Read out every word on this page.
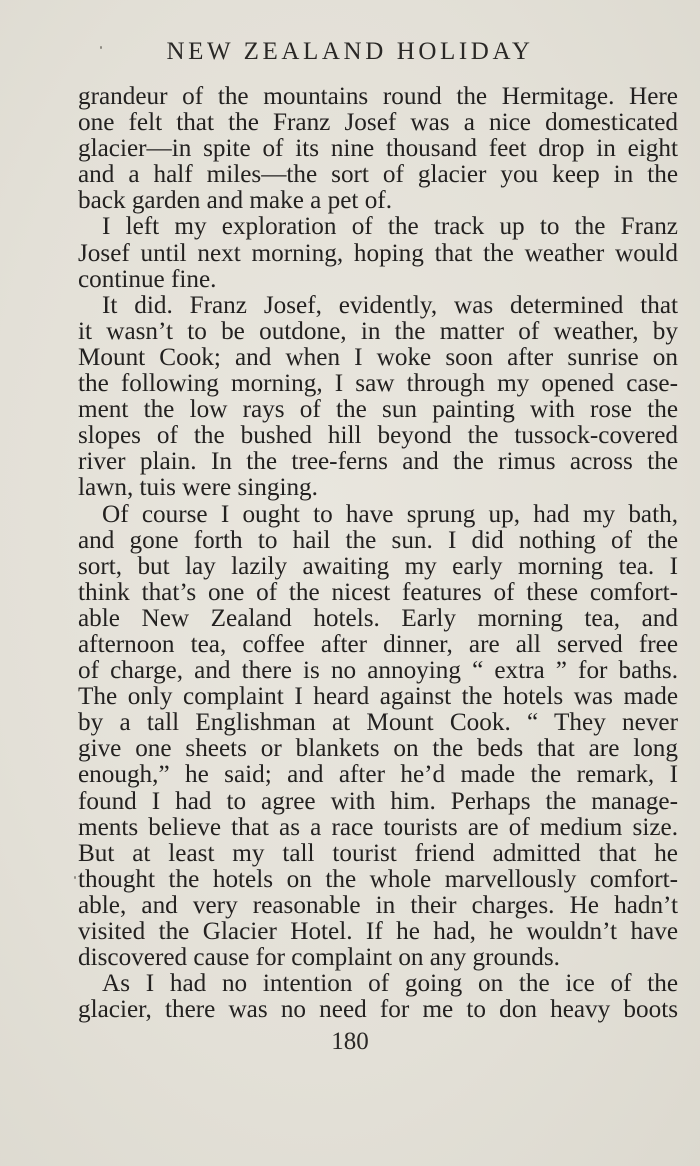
NEW ZEALAND HOLIDAY
grandeur of the mountains round the Hermitage. Here
one felt that the Franz Josef was a nice domesticated
glacier—in spite of its nine thousand feet drop in eight
and a half miles—the sort of glacier you keep in the
back garden and make a pet of.
I left my exploration of the track up to the Franz
Josef until next morning, hoping that the weather would
continue fine.
It did. Franz Josef, evidently, was determined that
it wasn’t to be outdone, in the matter of weather, by
Mount Cook; and when I woke soon after sunrise on
the following morning, I saw through my opened case-
ment the low rays of the sun painting with rose the
slopes of the bushed hill beyond the tussock-covered
river plain. In the tree-ferns and the rimus across the
lawn, tuis were singing.
Of course I ought to have sprung up, had my bath,
and gone forth to hail the sun. I did nothing of the
sort, but lay lazily awaiting my early morning tea. I
think that’s one of the nicest features of these comfort-
able New Zealand hotels. Early morning tea, and
afternoon tea, coffee after dinner, are all served free
of charge, and there is no annoying “ extra ” for baths.
The only complaint I heard against the hotels was made
by a tall Englishman at Mount Cook. “ They never
give one sheets or blankets on the beds that are long
enough,” he said; and after he’d made the remark, I
found I had to agree with him. Perhaps the manage-
ments believe that as a race tourists are of medium size.
But at least my tall tourist friend admitted that he
thought the hotels on the whole marvellously comfort-
able, and very reasonable in their charges. He hadn’t
visited the Glacier Hotel. If he had, he wouldn’t have
discovered cause for complaint on any grounds.
As I had no intention of going on the ice of the
glacier, there was no need for me to don heavy boots
180
